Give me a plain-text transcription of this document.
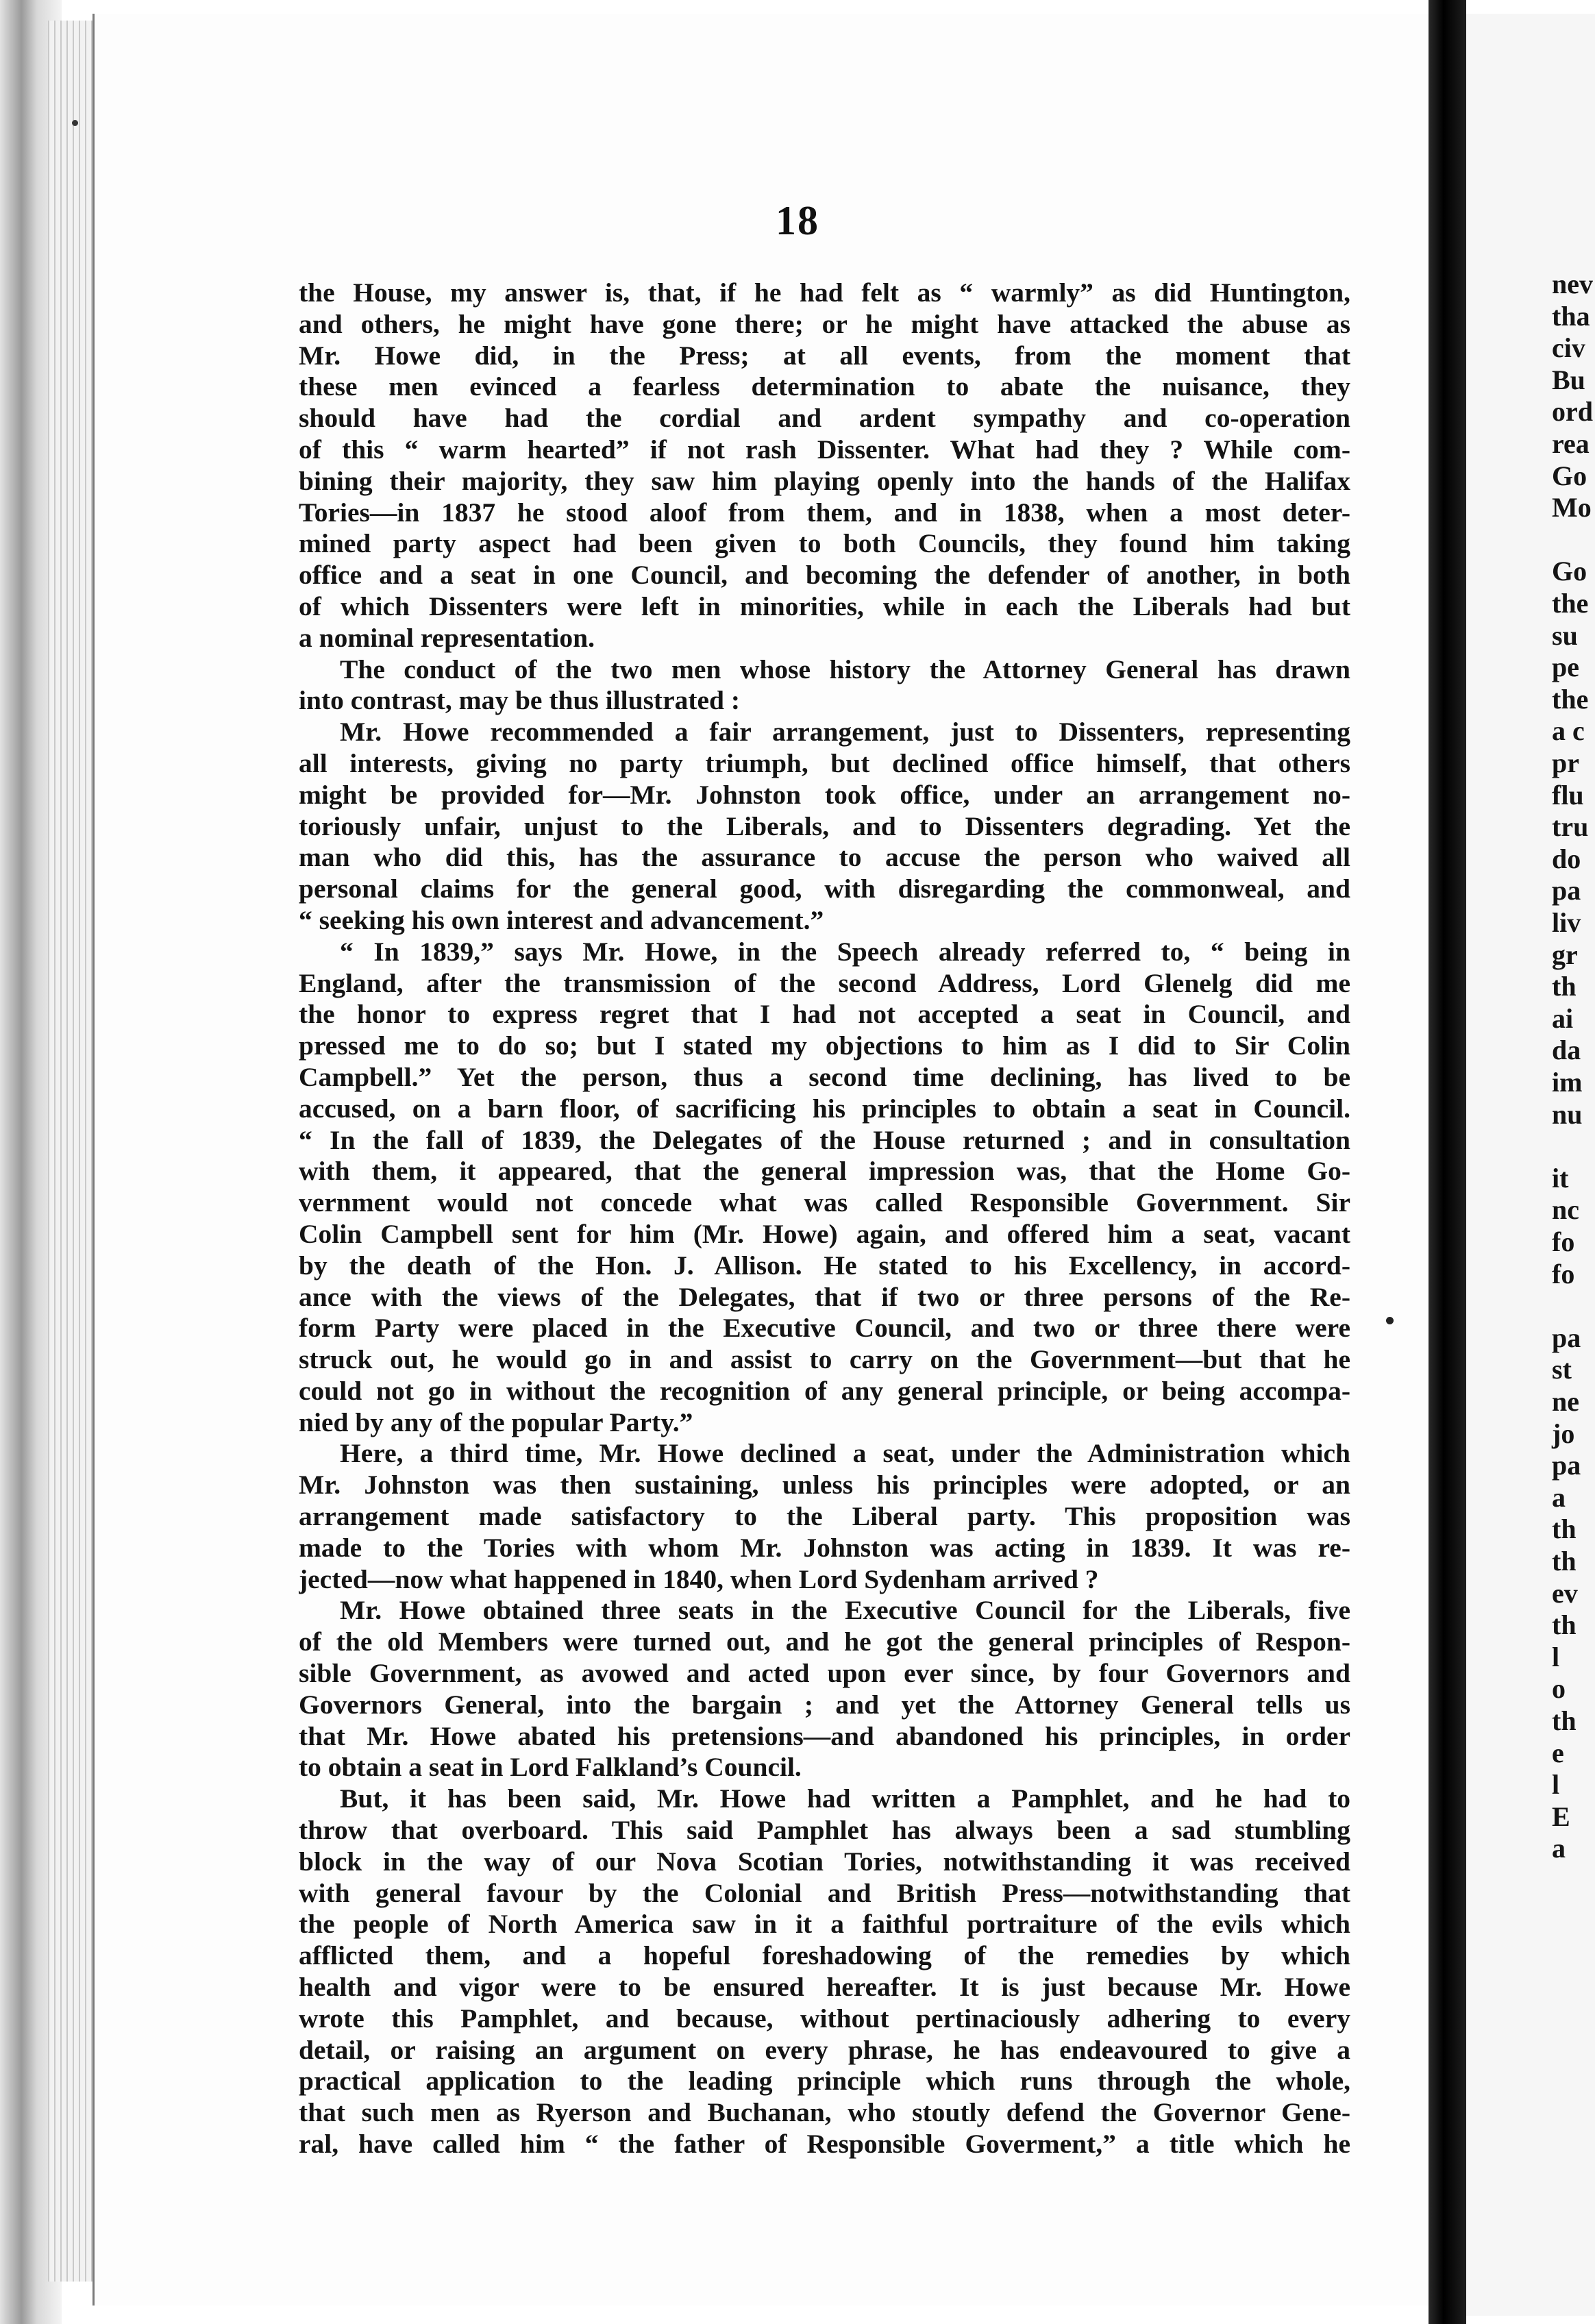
18
the House, my answer is, that, if he had felt as “ warmly” as did Huntington,
and others, he might have gone there; or he might have attacked the abuse as
Mr. Howe did, in the Press; at all events, from the moment that
these men evinced a fearless determination to abate the nuisance, they
should have had the cordial and ardent sympathy and co-operation
of this “ warm hearted” if not rash Dissenter. What had they ? While com-
bining their majority, they saw him playing openly into the hands of the Halifax
Tories—in 1837 he stood aloof from them, and in 1838, when a most deter-
mined party aspect had been given to both Councils, they found him taking
office and a seat in one Council, and becoming the defender of another, in both
of which Dissenters were left in minorities, while in each the Liberals had but
a nominal representation.
The conduct of the two men whose history the Attorney General has drawn
into contrast, may be thus illustrated :
Mr. Howe recommended a fair arrangement, just to Dissenters, representing
all interests, giving no party triumph, but declined office himself, that others
might be provided for—Mr. Johnston took office, under an arrangement no-
toriously unfair, unjust to the Liberals, and to Dissenters degrading. Yet the
man who did this, has the assurance to accuse the person who waived all
personal claims for the general good, with disregarding the commonweal, and
“ seeking his own interest and advancement.”
“ In 1839,” says Mr. Howe, in the Speech already referred to, “ being in
England, after the transmission of the second Address, Lord Glenelg did me
the honor to express regret that I had not accepted a seat in Council, and
pressed me to do so; but I stated my objections to him as I did to Sir Colin
Campbell.” Yet the person, thus a second time declining, has lived to be
accused, on a barn floor, of sacrificing his principles to obtain a seat in Council.
“ In the fall of 1839, the Delegates of the House returned ; and in consultation
with them, it appeared, that the general impression was, that the Home Go-
vernment would not concede what was called Responsible Government. Sir
Colin Campbell sent for him (Mr. Howe) again, and offered him a seat, vacant
by the death of the Hon. J. Allison. He stated to his Excellency, in accord-
ance with the views of the Delegates, that if two or three persons of the Re-
form Party were placed in the Executive Council, and two or three there were
struck out, he would go in and assist to carry on the Government—but that he
could not go in without the recognition of any general principle, or being accompa-
nied by any of the popular Party.”
Here, a third time, Mr. Howe declined a seat, under the Administration which
Mr. Johnston was then sustaining, unless his principles were adopted, or an
arrangement made satisfactory to the Liberal party. This proposition was
made to the Tories with whom Mr. Johnston was acting in 1839. It was re-
jected—now what happened in 1840, when Lord Sydenham arrived ?
Mr. Howe obtained three seats in the Executive Council for the Liberals, five
of the old Members were turned out, and he got the general principles of Respon-
sible Government, as avowed and acted upon ever since, by four Governors and
Governors General, into the bargain ; and yet the Attorney General tells us
that Mr. Howe abated his pretensions—and abandoned his principles, in order
to obtain a seat in Lord Falkland’s Council.
But, it has been said, Mr. Howe had written a Pamphlet, and he had to
throw that overboard. This said Pamphlet has always been a sad stumbling
block in the way of our Nova Scotian Tories, notwithstanding it was received
with general favour by the Colonial and British Press—notwithstanding that
the people of North America saw in it a faithful portraiture of the evils which
afflicted them, and a hopeful foreshadowing of the remedies by which
health and vigor were to be ensured hereafter. It is just because Mr. Howe
wrote this Pamphlet, and because, without pertinaciously adhering to every
detail, or raising an argument on every phrase, he has endeavoured to give a
practical application to the leading principle which runs through the whole,
that such men as Ryerson and Buchanan, who stoutly defend the Governor Gene-
ral, have called him “ the father of Responsible Goverment,” a title which he
nev
tha
civ
Bu
ord
rea
Go
Mo
Go
the
su
pe
the
a c
pr
flu
tru
do
pa
liv
gr
th
ai
da
im
nu
it
nc
fo
fo
pa
st
ne
jo
pa
a
th
th
ev
th
l
o
th
e
l
E
a
